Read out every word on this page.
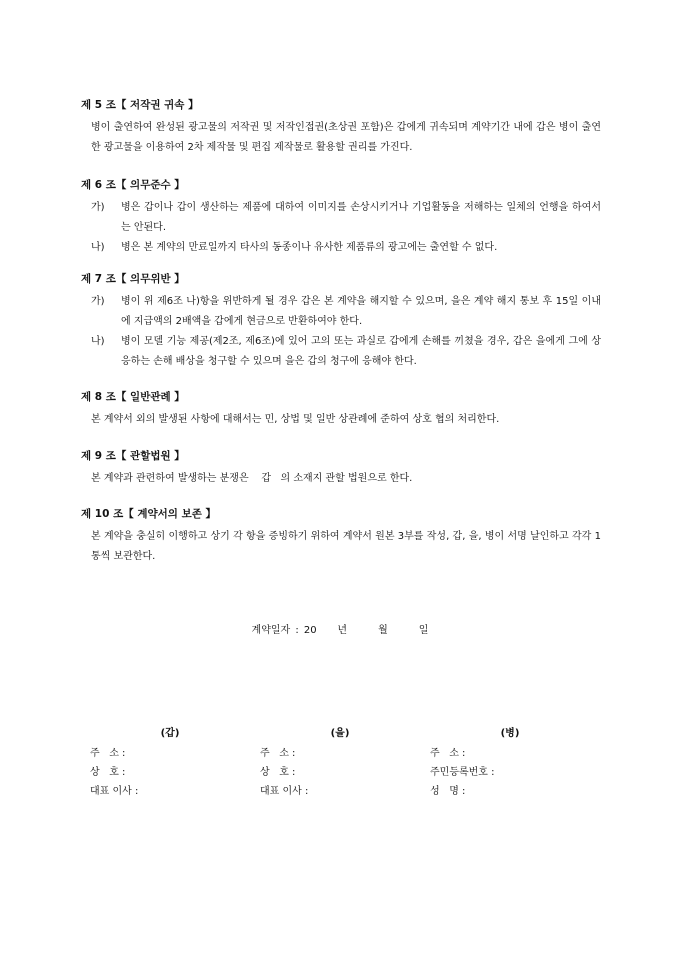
제 5 조【 저작권 귀속 】
병이 출연하여 완성된 광고물의 저작권 및 저작인접권(초상권 포함)은 갑에게 귀속되며 계약기간 내에 갑은 병이 출연한 광고물을 이용하여 2차 제작물 및 편집 제작물로 활용할 권리를 가진다.
제 6 조【 의무준수 】
가) 병은 갑이나 갑이 생산하는 제품에 대하여 이미지를 손상시키거나 기업활동을 저해하는 일체의 언행을 하여서는 안된다.
나) 병은 본 계약의 만료일까지 타사의 동종이나 유사한 제품류의 광고에는 출연할 수 없다.
제 7 조【 의무위반 】
가) 병이 위 제6조 나)항을 위반하게 될 경우 갑은 본 계약을 해지할 수 있으며, 을은 계약 해지 통보 후 15일 이내에 지급액의 2배액을 갑에게 현금으로 반환하여야 한다.
나) 병이 모델 기능 제공(제2조, 제6조)에 있어 고의 또는 과실로 갑에게 손해를 끼쳤을 경우, 갑은 을에게 그에 상응하는 손해 배상을 청구할 수 있으며 을은 갑의 청구에 응해야 한다.
제 8 조【 일반관례 】
본 계약서 외의 발생된 사항에 대해서는 민, 상법 및 일반 상관례에 준하여 상호 협의 처리한다.
제 9 조【 관할법원 】
본 계약과 관련하여 발생하는 분쟁은    갑   의 소재지 관할 법원으로 한다.
제 10 조【 계약서의 보존 】
본 계약을 충실히 이행하고 상기 각 항을 증빙하기 위하여 계약서 원본 3부를 작성, 갑, 을, 병이 서명 날인하고 각각 1통씩 보관한다.
계약일자 : 20    년      월      일
(갑)
주   소 :
상   호 :
대표 이사 :
(을)
주   소 :
상   호 :
대표 이사 :
(병)
주   소 :
주민등록번호 :
성   명 :
